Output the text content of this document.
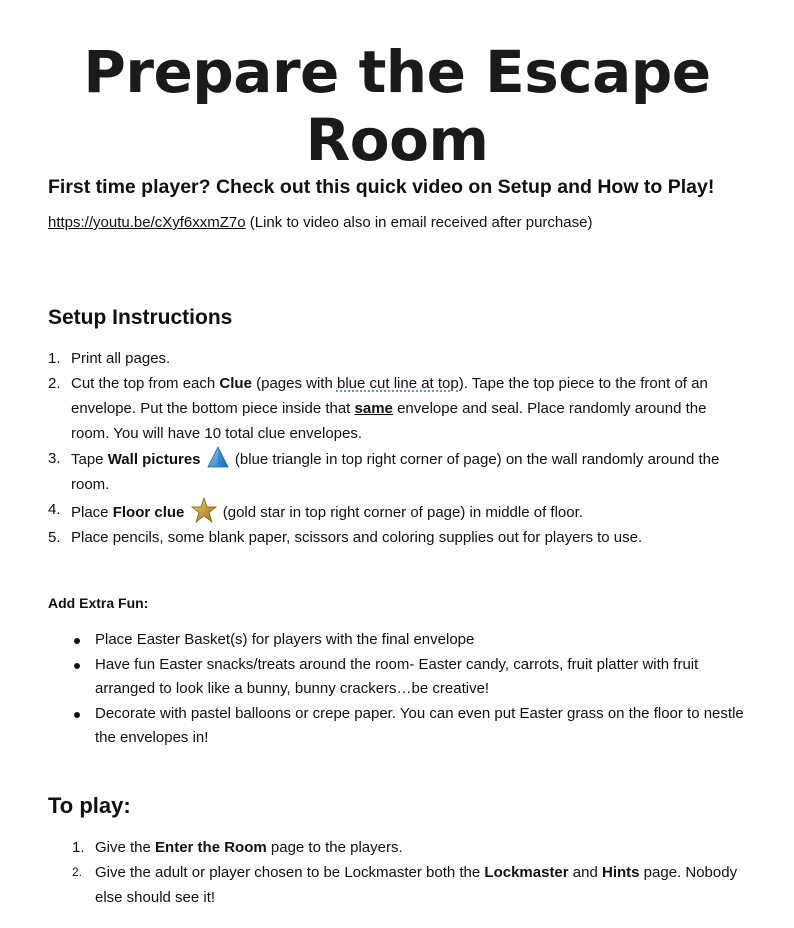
Prepare the Escape Room
First time player? Check out this quick video on Setup and How to Play!
https://youtu.be/cXyf6xxmZ7o (Link to video also in email received after purchase)
Setup Instructions
1. Print all pages.
2. Cut the top from each Clue (pages with blue cut line at top). Tape the top piece to the front of an envelope. Put the bottom piece inside that same envelope and seal. Place randomly around the room. You will have 10 total clue envelopes.
3. Tape Wall pictures  (blue triangle in top right corner of page) on the wall randomly around the room.
4. Place Floor clue  (gold star in top right corner of page) in middle of floor.
5. Place pencils, some blank paper, scissors and coloring supplies out for players to use.
Add Extra Fun:
Place Easter Basket(s) for players with the final envelope
Have fun Easter snacks/treats around the room- Easter candy, carrots, fruit platter with fruit arranged to look like a bunny, bunny crackers…be creative!
Decorate with pastel balloons or crepe paper. You can even put Easter grass on the floor to nestle the envelopes in!
To play:
1. Give the Enter the Room page to the players.
2. Give the adult or player chosen to be Lockmaster both the Lockmaster and Hints page. Nobody else should see it!
